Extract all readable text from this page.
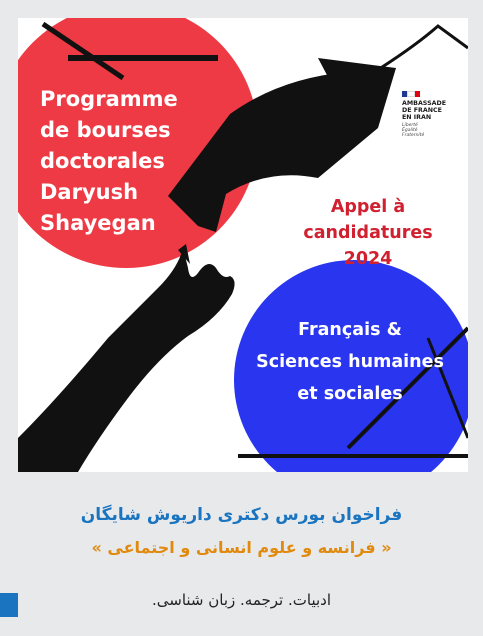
Programme
de bourses
doctorales
Daryush
Shayegan
Appel à
candidatures
2024
Français &
Sciences humaines
et sociales
AMBASSADE
DE FRANCE
EN IRAN
Liberté
Égalité
Fraternité
فراخوان بورس دکتری داریوش شایگان
« فرانسه و علوم انسانی و اجتماعی »
ادبیات. ترجمه. زبان شناسی.
